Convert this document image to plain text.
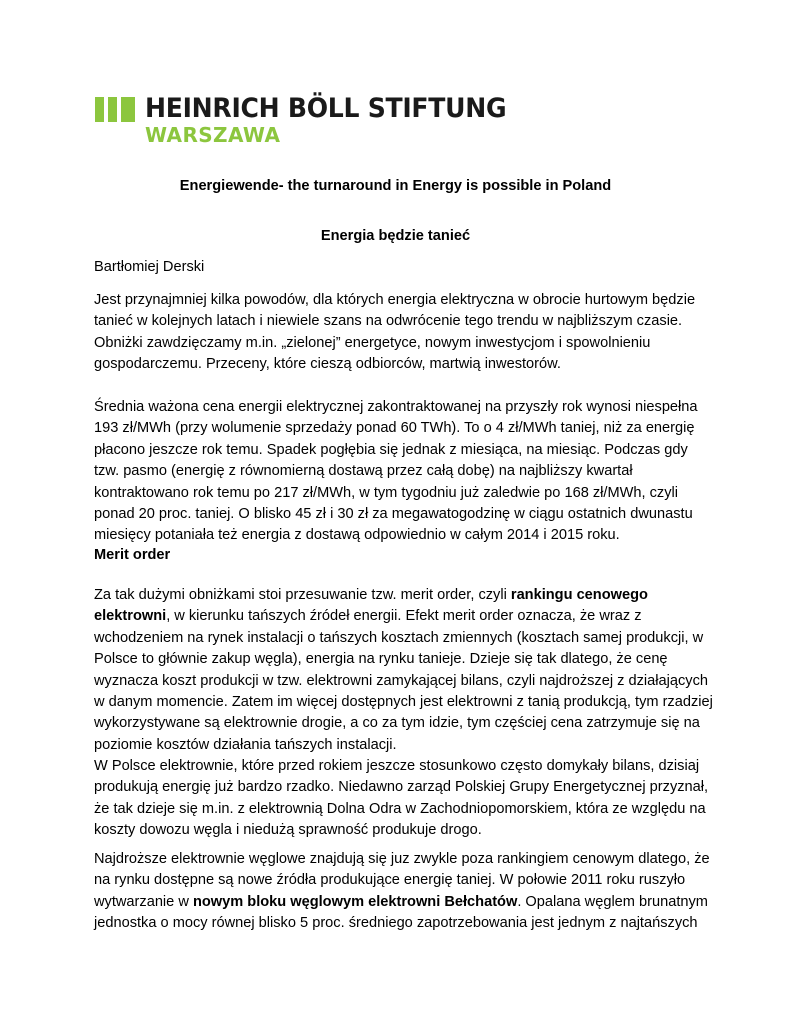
HEINRICH BÖLL STIFTUNG
WARSZAWA
Energiewende- the turnaround in Energy is possible in Poland
Energia będzie tanieć
Bartłomiej Derski
Jest przynajmniej kilka powodów, dla których energia elektryczna w obrocie hurtowym będzie
tanieć w kolejnych latach i niewiele szans na odwrócenie tego trendu w najbliższym czasie.
Obniżki zawdzięczamy m.in. „zielonej” energetyce, nowym inwestycjom i spowolnieniu
gospodarczemu. Przeceny, które cieszą odbiorców, martwią inwestorów.
Średnia ważona cena energii elektrycznej zakontraktowanej na przyszły rok wynosi niespełna
193 zł/MWh (przy wolumenie sprzedaży ponad 60 TWh). To o 4 zł/MWh taniej, niż za energię
płacono jeszcze rok temu. Spadek pogłębia się jednak z miesiąca, na miesiąc. Podczas gdy
tzw. pasmo (energię z równomierną dostawą przez całą dobę) na najbliższy kwartał
kontraktowano rok temu po 217 zł/MWh, w tym tygodniu już zaledwie po 168 zł/MWh, czyli
ponad 20 proc. taniej. O blisko 45 zł i 30 zł za megawatogodzinę w ciągu ostatnich dwunastu
miesięcy potaniała też energia z dostawą odpowiednio w całym 2014 i 2015 roku.
Merit order
Za tak dużymi obniżkami stoi przesuwanie tzw. merit order, czyli rankingu cenowego
elektrowni, w kierunku tańszych źródeł energii. Efekt merit order oznacza, że wraz z
wchodzeniem na rynek instalacji o tańszych kosztach zmiennych (kosztach samej produkcji, w
Polsce to głównie zakup węgla), energia na rynku tanieje. Dzieje się tak dlatego, że cenę
wyznacza koszt produkcji w tzw. elektrowni zamykającej bilans, czyli najdroższej z działających
w danym momencie. Zatem im więcej dostępnych jest elektrowni z tanią produkcją, tym rzadziej
wykorzystywane są elektrownie drogie, a co za tym idzie, tym częściej cena zatrzymuje się na
poziomie kosztów działania tańszych instalacji.
W Polsce elektrownie, które przed rokiem jeszcze stosunkowo często domykały bilans, dzisiaj
produkują energię już bardzo rzadko. Niedawno zarząd Polskiej Grupy Energetycznej przyznał,
że tak dzieje się m.in. z elektrownią Dolna Odra w Zachodniopomorskiem, która ze względu na
koszty dowozu węgla i niedużą sprawność produkuje drogo.
Najdroższe elektrownie węglowe znajdują się juz zwykle poza rankingiem cenowym dlatego, że
na rynku dostępne są nowe źródła produkujące energię taniej. W połowie 2011 roku ruszyło
wytwarzanie w nowym bloku węglowym elektrowni Bełchatów. Opalana węglem brunatnym
jednostka o mocy równej blisko 5 proc. średniego zapotrzebowania jest jednym z najtańszych
